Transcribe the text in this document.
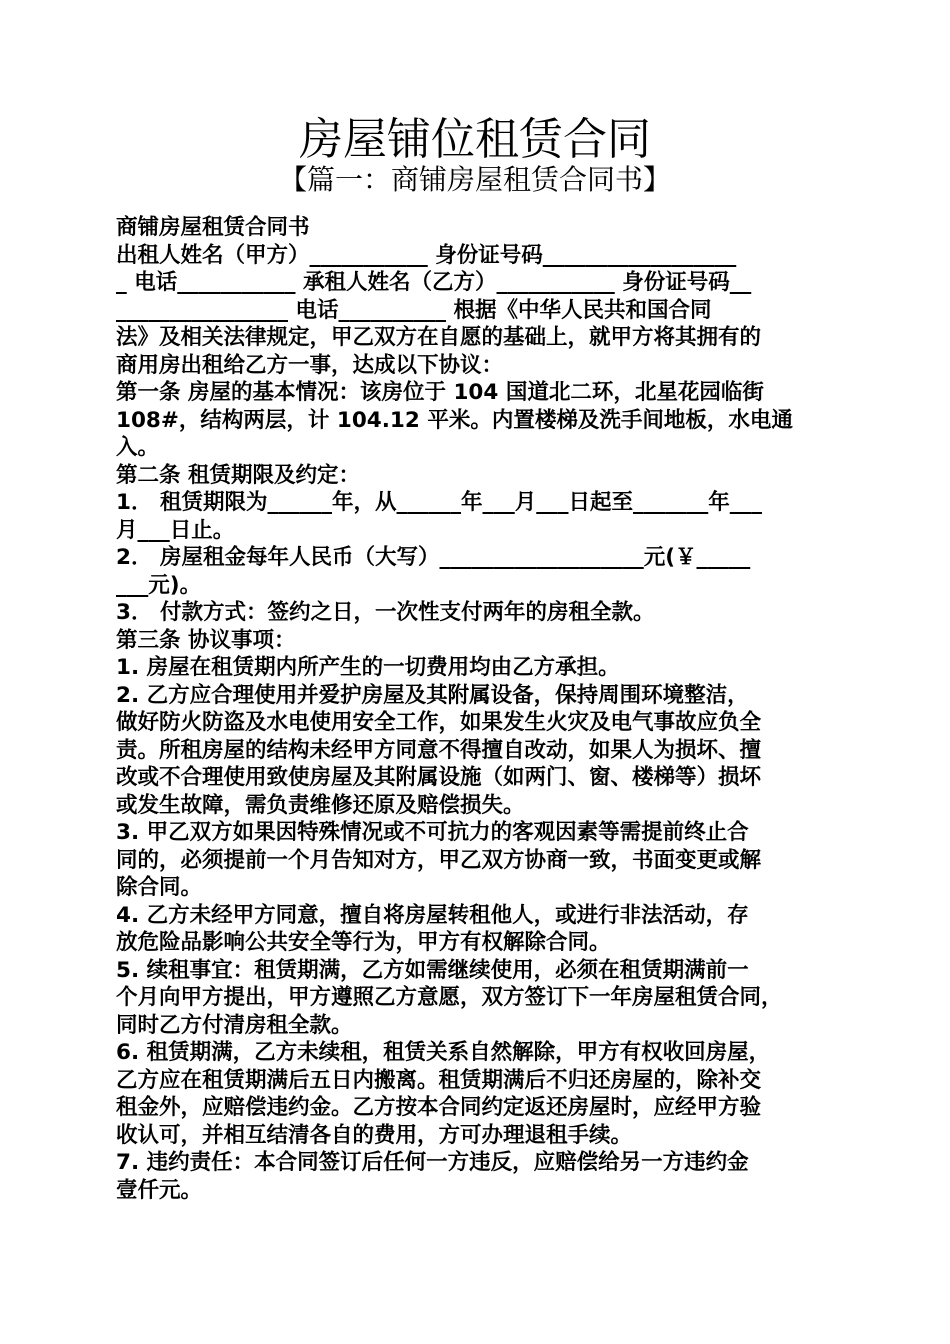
房屋铺位租赁合同
【篇一：商铺房屋租赁合同书】

商铺房屋租赁合同书

出租人姓名（甲方）___________ 身份证号码__________________

_ 电话___________ 承租人姓名（乙方）___________ 身份证号码__

________________ 电话__________ 根据《中华人民共和国合同

法》及相关法律规定，甲乙双方在自愿的基础上，就甲方将其拥有的

商用房出租给乙方一事，达成以下协议：

第一条 房屋的基本情况：该房位于 104 国道北二环，北星花园临街

108#，结构两层，计 104.12 平米。内置楼梯及洗手间地板，水电通

入。

第二条 租赁期限及约定：

1． 租赁期限为______年，从______年___月___日起至_______年___

月___日止。

2． 房屋租金每年人民币（大写）___________________元(￥_____

___元)。

3． 付款方式：签约之日，一次性支付两年的房租全款。

第三条 协议事项：

1. 房屋在租赁期内所产生的一切费用均由乙方承担。

2. 乙方应合理使用并爱护房屋及其附属设备，保持周围环境整洁，

做好防火防盗及水电使用安全工作，如果发生火灾及电气事故应负全

责。所租房屋的结构未经甲方同意不得擅自改动，如果人为损坏、擅

改或不合理使用致使房屋及其附属设施（如两门、窗、楼梯等）损坏

或发生故障，需负责维修还原及赔偿损失。

3. 甲乙双方如果因特殊情况或不可抗力的客观因素等需提前终止合

同的，必须提前一个月告知对方，甲乙双方协商一致，书面变更或解

除合同。

4. 乙方未经甲方同意，擅自将房屋转租他人，或进行非法活动，存

放危险品影响公共安全等行为，甲方有权解除合同。

5. 续租事宜：租赁期满，乙方如需继续使用，必须在租赁期满前一

个月向甲方提出，甲方遵照乙方意愿，双方签订下一年房屋租赁合同，

同时乙方付清房租全款。

6. 租赁期满，乙方未续租，租赁关系自然解除，甲方有权收回房屋，

乙方应在租赁期满后五日内搬离。租赁期满后不归还房屋的，除补交

租金外，应赔偿违约金。乙方按本合同约定返还房屋时，应经甲方验

收认可，并相互结清各自的费用，方可办理退租手续。

7. 违约责任：本合同签订后任何一方违反，应赔偿给另一方违约金

壹仟元。
